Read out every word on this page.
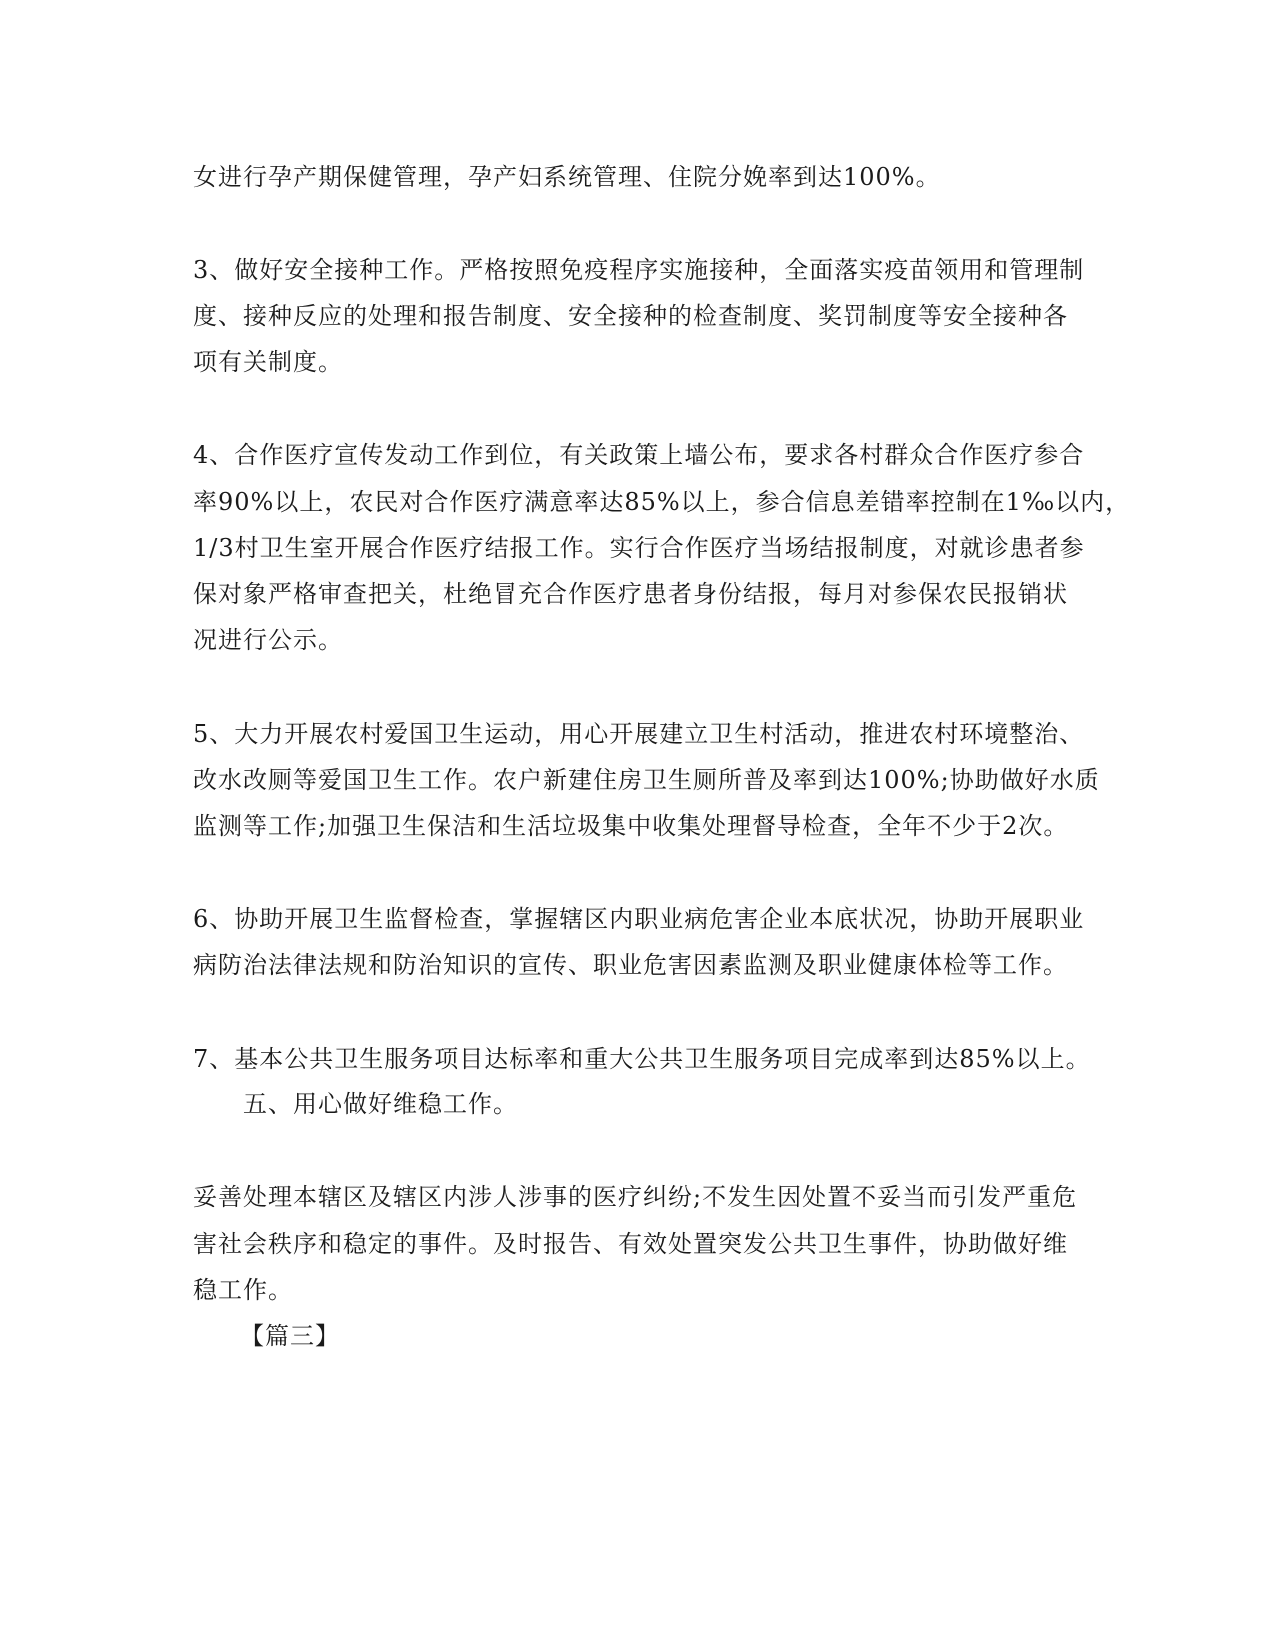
女进行孕产期保健管理，孕产妇系统管理、住院分娩率到达100%。
3、做好安全接种工作。严格按照免疫程序实施接种，全面落实疫苗领用和管理制
度、接种反应的处理和报告制度、安全接种的检查制度、奖罚制度等安全接种各
项有关制度。
4、合作医疗宣传发动工作到位，有关政策上墙公布，要求各村群众合作医疗参合
率90%以上，农民对合作医疗满意率达85%以上，参合信息差错率控制在1‰以内，
1/3村卫生室开展合作医疗结报工作。实行合作医疗当场结报制度，对就诊患者参
保对象严格审查把关，杜绝冒充合作医疗患者身份结报，每月对参保农民报销状
况进行公示。
5、大力开展农村爱国卫生运动，用心开展建立卫生村活动，推进农村环境整治、
改水改厕等爱国卫生工作。农户新建住房卫生厕所普及率到达100%;协助做好水质
监测等工作;加强卫生保洁和生活垃圾集中收集处理督导检查，全年不少于2次。
6、协助开展卫生监督检查，掌握辖区内职业病危害企业本底状况，协助开展职业
病防治法律法规和防治知识的宣传、职业危害因素监测及职业健康体检等工作。
7、基本公共卫生服务项目达标率和重大公共卫生服务项目完成率到达85%以上。
五、用心做好维稳工作。
妥善处理本辖区及辖区内涉人涉事的医疗纠纷;不发生因处置不妥当而引发严重危
害社会秩序和稳定的事件。及时报告、有效处置突发公共卫生事件，协助做好维
稳工作。
【篇三】
